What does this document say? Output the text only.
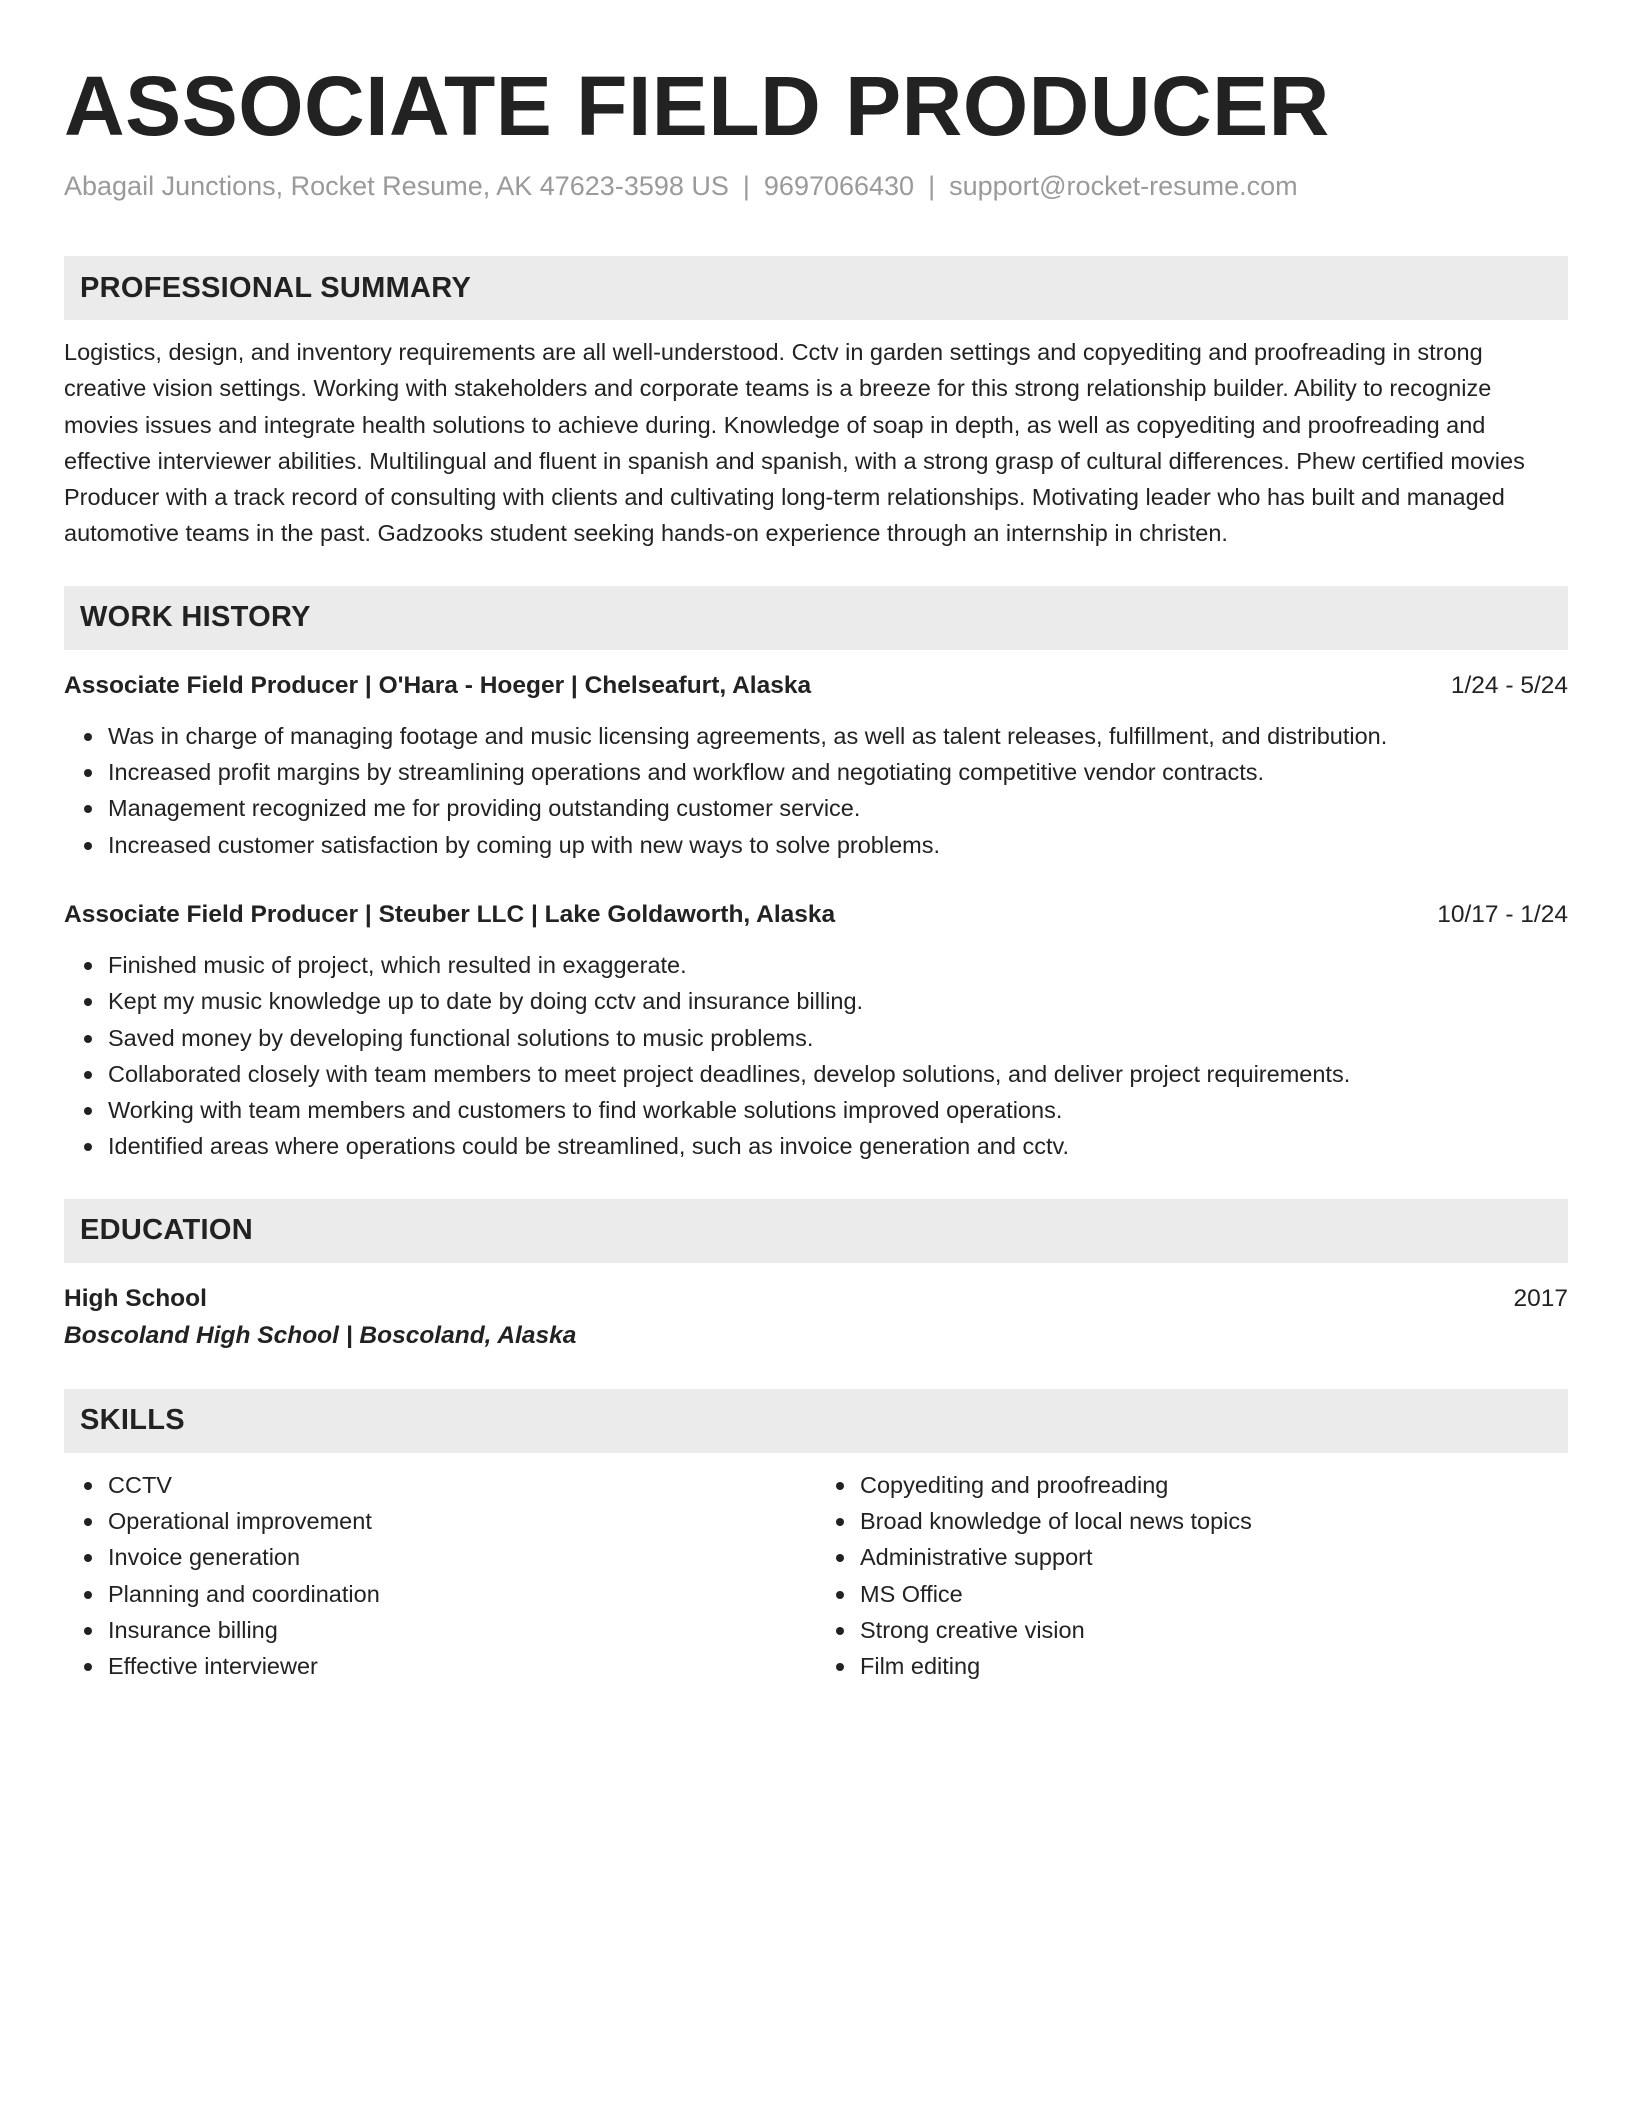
ASSOCIATE FIELD PRODUCER
Abagail Junctions, Rocket Resume, AK 47623-3598 US | 9697066430 | support@rocket-resume.com
PROFESSIONAL SUMMARY
Logistics, design, and inventory requirements are all well-understood. Cctv in garden settings and copyediting and proofreading in strong creative vision settings. Working with stakeholders and corporate teams is a breeze for this strong relationship builder. Ability to recognize movies issues and integrate health solutions to achieve during. Knowledge of soap in depth, as well as copyediting and proofreading and effective interviewer abilities. Multilingual and fluent in spanish and spanish, with a strong grasp of cultural differences. Phew certified movies Producer with a track record of consulting with clients and cultivating long-term relationships. Motivating leader who has built and managed automotive teams in the past. Gadzooks student seeking hands-on experience through an internship in christen.
WORK HISTORY
Associate Field Producer | O'Hara - Hoeger | Chelseafurt, Alaska	1/24 - 5/24
Was in charge of managing footage and music licensing agreements, as well as talent releases, fulfillment, and distribution.
Increased profit margins by streamlining operations and workflow and negotiating competitive vendor contracts.
Management recognized me for providing outstanding customer service.
Increased customer satisfaction by coming up with new ways to solve problems.
Associate Field Producer | Steuber LLC | Lake Goldaworth, Alaska	10/17 - 1/24
Finished music of project, which resulted in exaggerate.
Kept my music knowledge up to date by doing cctv and insurance billing.
Saved money by developing functional solutions to music problems.
Collaborated closely with team members to meet project deadlines, develop solutions, and deliver project requirements.
Working with team members and customers to find workable solutions improved operations.
Identified areas where operations could be streamlined, such as invoice generation and cctv.
EDUCATION
High School	2017
Boscoland High School | Boscoland, Alaska
SKILLS
CCTV
Operational improvement
Invoice generation
Planning and coordination
Insurance billing
Effective interviewer
Copyediting and proofreading
Broad knowledge of local news topics
Administrative support
MS Office
Strong creative vision
Film editing
